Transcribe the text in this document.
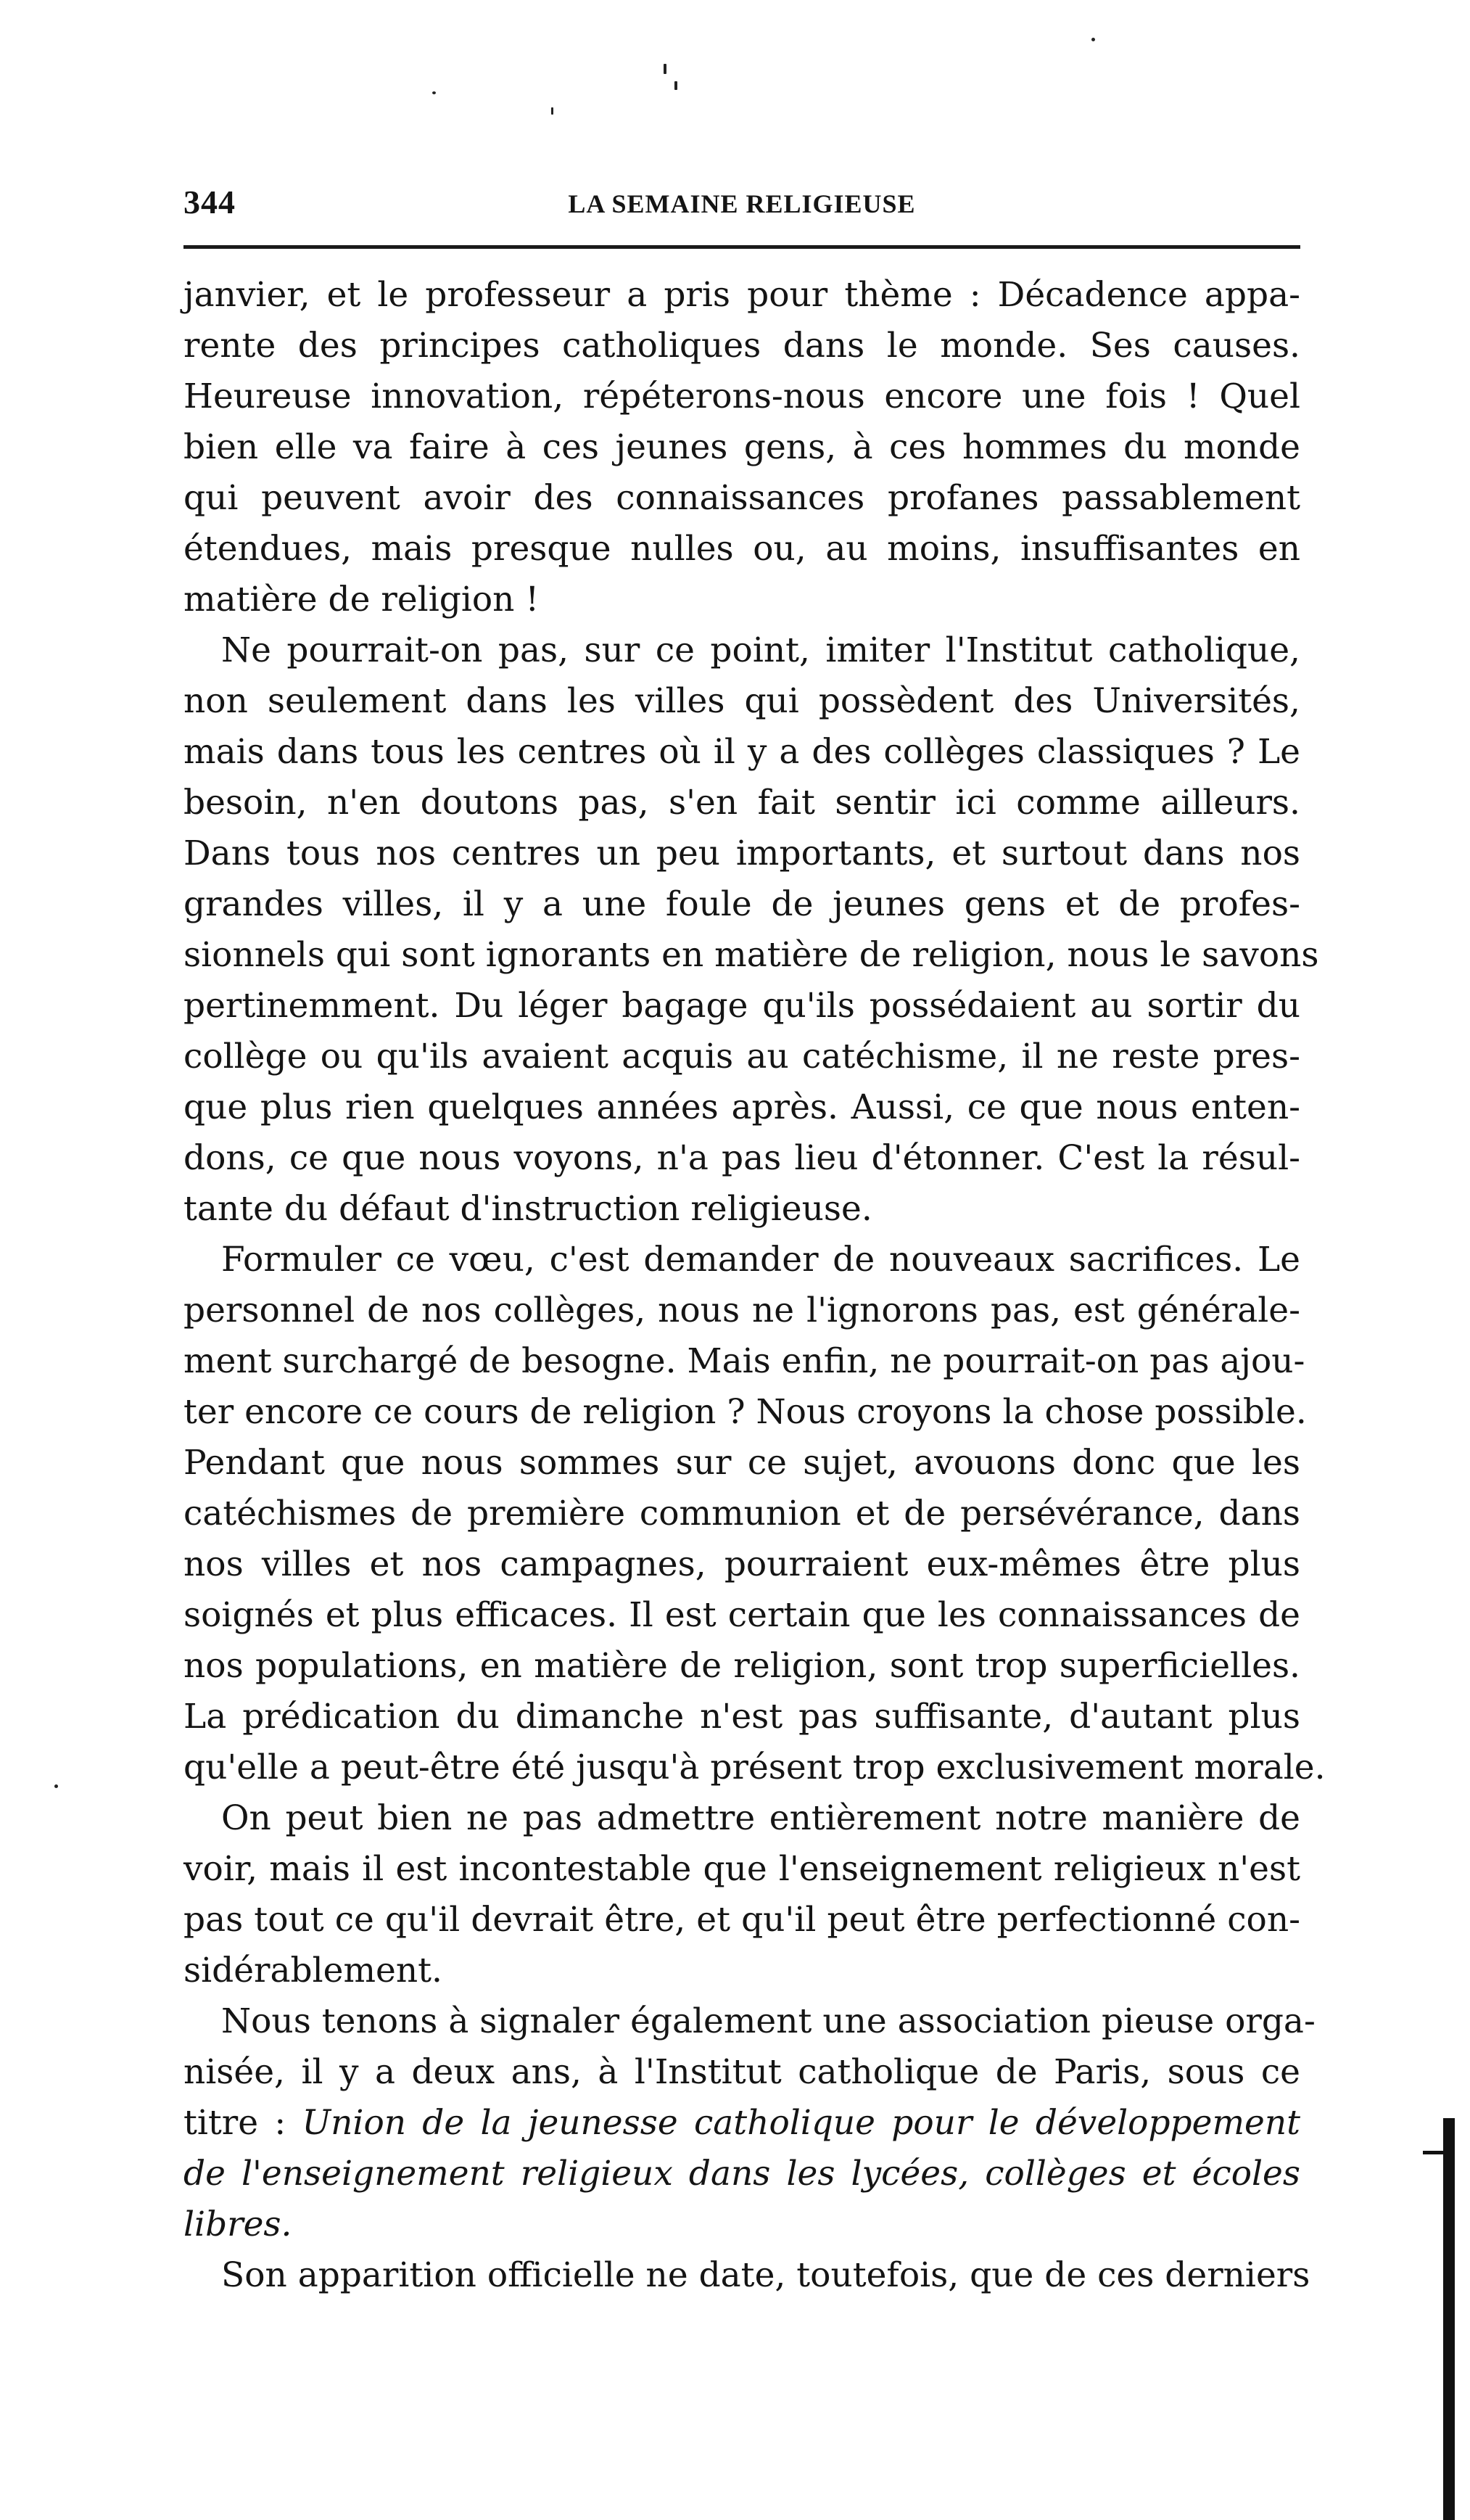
344	LA SEMAINE RELIGIEUSE
janvier, et le professeur a pris pour thème : Décadence appa-
rente des principes catholiques dans le monde. Ses causes.
Heureuse innovation, répéterons-nous encore une fois ! Quel
bien elle va faire à ces jeunes gens, à ces hommes du monde
qui peuvent avoir des connaissances profanes passablement
étendues, mais presque nulles ou, au moins, insuffisantes en
matière de religion !
Ne pourrait-on pas, sur ce point, imiter l'Institut catholique,
non seulement dans les villes qui possèdent des Universités,
mais dans tous les centres où il y a des collèges classiques ? Le
besoin, n'en doutons pas, s'en fait sentir ici comme ailleurs.
Dans tous nos centres un peu importants, et surtout dans nos
grandes villes, il y a une foule de jeunes gens et de profes-
sionnels qui sont ignorants en matière de religion, nous le savons
pertinemment. Du léger bagage qu'ils possédaient au sortir du
collège ou qu'ils avaient acquis au catéchisme, il ne reste pres-
que plus rien quelques années après. Aussi, ce que nous enten-
dons, ce que nous voyons, n'a pas lieu d'étonner. C'est la résul-
tante du défaut d'instruction religieuse.
Formuler ce vœu, c'est demander de nouveaux sacrifices. Le
personnel de nos collèges, nous ne l'ignorons pas, est générale-
ment surchargé de besogne. Mais enfin, ne pourrait-on pas ajou-
ter encore ce cours de religion ? Nous croyons la chose possible.
Pendant que nous sommes sur ce sujet, avouons donc que les
catéchismes de première communion et de persévérance, dans
nos villes et nos campagnes, pourraient eux-mêmes être plus
soignés et plus efficaces. Il est certain que les connaissances de
nos populations, en matière de religion, sont trop superficielles.
La prédication du dimanche n'est pas suffisante, d'autant plus
qu'elle a peut-être été jusqu'à présent trop exclusivement morale.
On peut bien ne pas admettre entièrement notre manière de
voir, mais il est incontestable que l'enseignement religieux n'est
pas tout ce qu'il devrait être, et qu'il peut être perfectionné con-
sidérablement.
Nous tenons à signaler également une association pieuse orga-
nisée, il y a deux ans, à l'Institut catholique de Paris, sous ce
titre : Union de la jeunesse catholique pour le développement
de l'enseignement religieux dans les lycées, collèges et écoles
libres.
Son apparition officielle ne date, toutefois, que de ces derniers
